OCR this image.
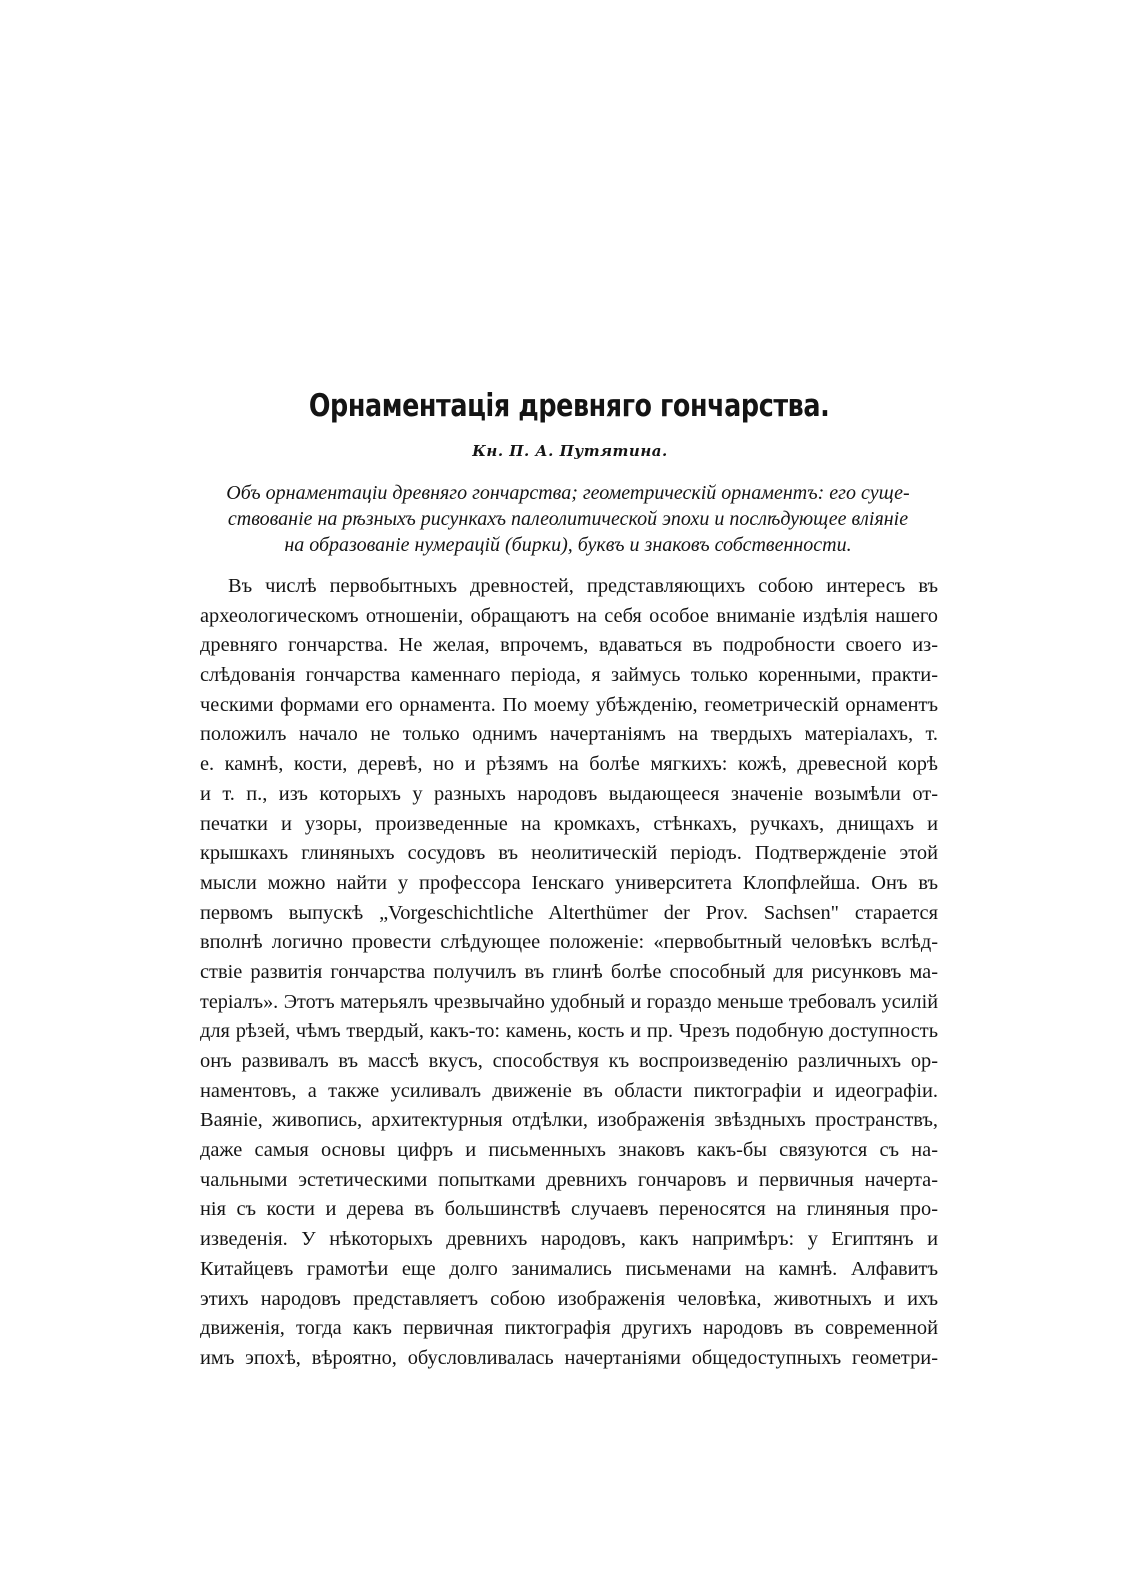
Орнаментація древняго гончарства.

Кн. П. А. Путятина.

Объ орнаментаціи древняго гончарства; геометрическій орнаментъ: его суще-
ствованіе на рѣзныхъ рисункахъ палеолитической эпохи и послѣдующее вліяніе
на образованіе нумерацій (бирки), буквъ и знаковъ собственности.
Въ числѣ первобытныхъ древностей, представляющихъ собою интересъ въ
археологическомъ отношеніи, обращаютъ на себя особое вниманіе издѣлія нашего
древняго гончарства. Не желая, впрочемъ, вдаваться въ подробности своего из-
слѣдованія гончарства каменнаго періода, я займусь только коренными, практи-
ческими формами его орнамента. По моему убѣжденію, геометрическій орнаментъ
положилъ начало не только однимъ начертаніямъ на твердыхъ матеріалахъ, т.
е. камнѣ, кости, деревѣ, но и рѣзямъ на болѣе мягкихъ: кожѣ, древесной корѣ
и т. п., изъ которыхъ у разныхъ народовъ выдающееся значеніе возымѣли от-
печатки и узоры, произведенные на кромкахъ, стѣнкахъ, ручкахъ, днищахъ и
крышкахъ глиняныхъ сосудовъ въ неолитическій періодъ. Подтвержденіе этой
мысли можно найти у профессора Іенскаго университета Клопфлейша. Онъ въ
первомъ выпускѣ „Vorgeschichtliche Alterthümer der Prov. Sachsen" старается
вполнѣ логично провести слѣдующее положеніе: «первобытный человѣкъ вслѣд-
ствіе развитія гончарства получилъ въ глинѣ болѣе способный для рисунковъ ма-
теріалъ». Этотъ матерьялъ чрезвычайно удобный и гораздо меньше требовалъ усилій
для рѣзей, чѣмъ твердый, какъ-то: камень, кость и пр. Чрезъ подобную доступность
онъ развивалъ въ массѣ вкусъ, способствуя къ воспроизведенію различныхъ ор-
наментовъ, а также усиливалъ движеніе въ области пиктографіи и идеографіи.
Ваяніе, живопись, архитектурныя отдѣлки, изображенія звѣздныхъ пространствъ,
даже самыя основы цифръ и письменныхъ знаковъ какъ-бы связуются съ на-
чальными эстетическими попытками древнихъ гончаровъ и первичныя начерта-
нія съ кости и дерева въ большинствѣ случаевъ переносятся на глиняныя про-
изведенія. У нѣкоторыхъ древнихъ народовъ, какъ напримѣръ: у Египтянъ и
Китайцевъ грамотѣи еще долго занимались письменами на камнѣ. Алфавитъ
этихъ народовъ представляетъ собою изображенія человѣка, животныхъ и ихъ
движенія, тогда какъ первичная пиктографія другихъ народовъ въ современной
имъ эпохѣ, вѣроятно, обусловливалась начертаніями общедоступныхъ геометри-
